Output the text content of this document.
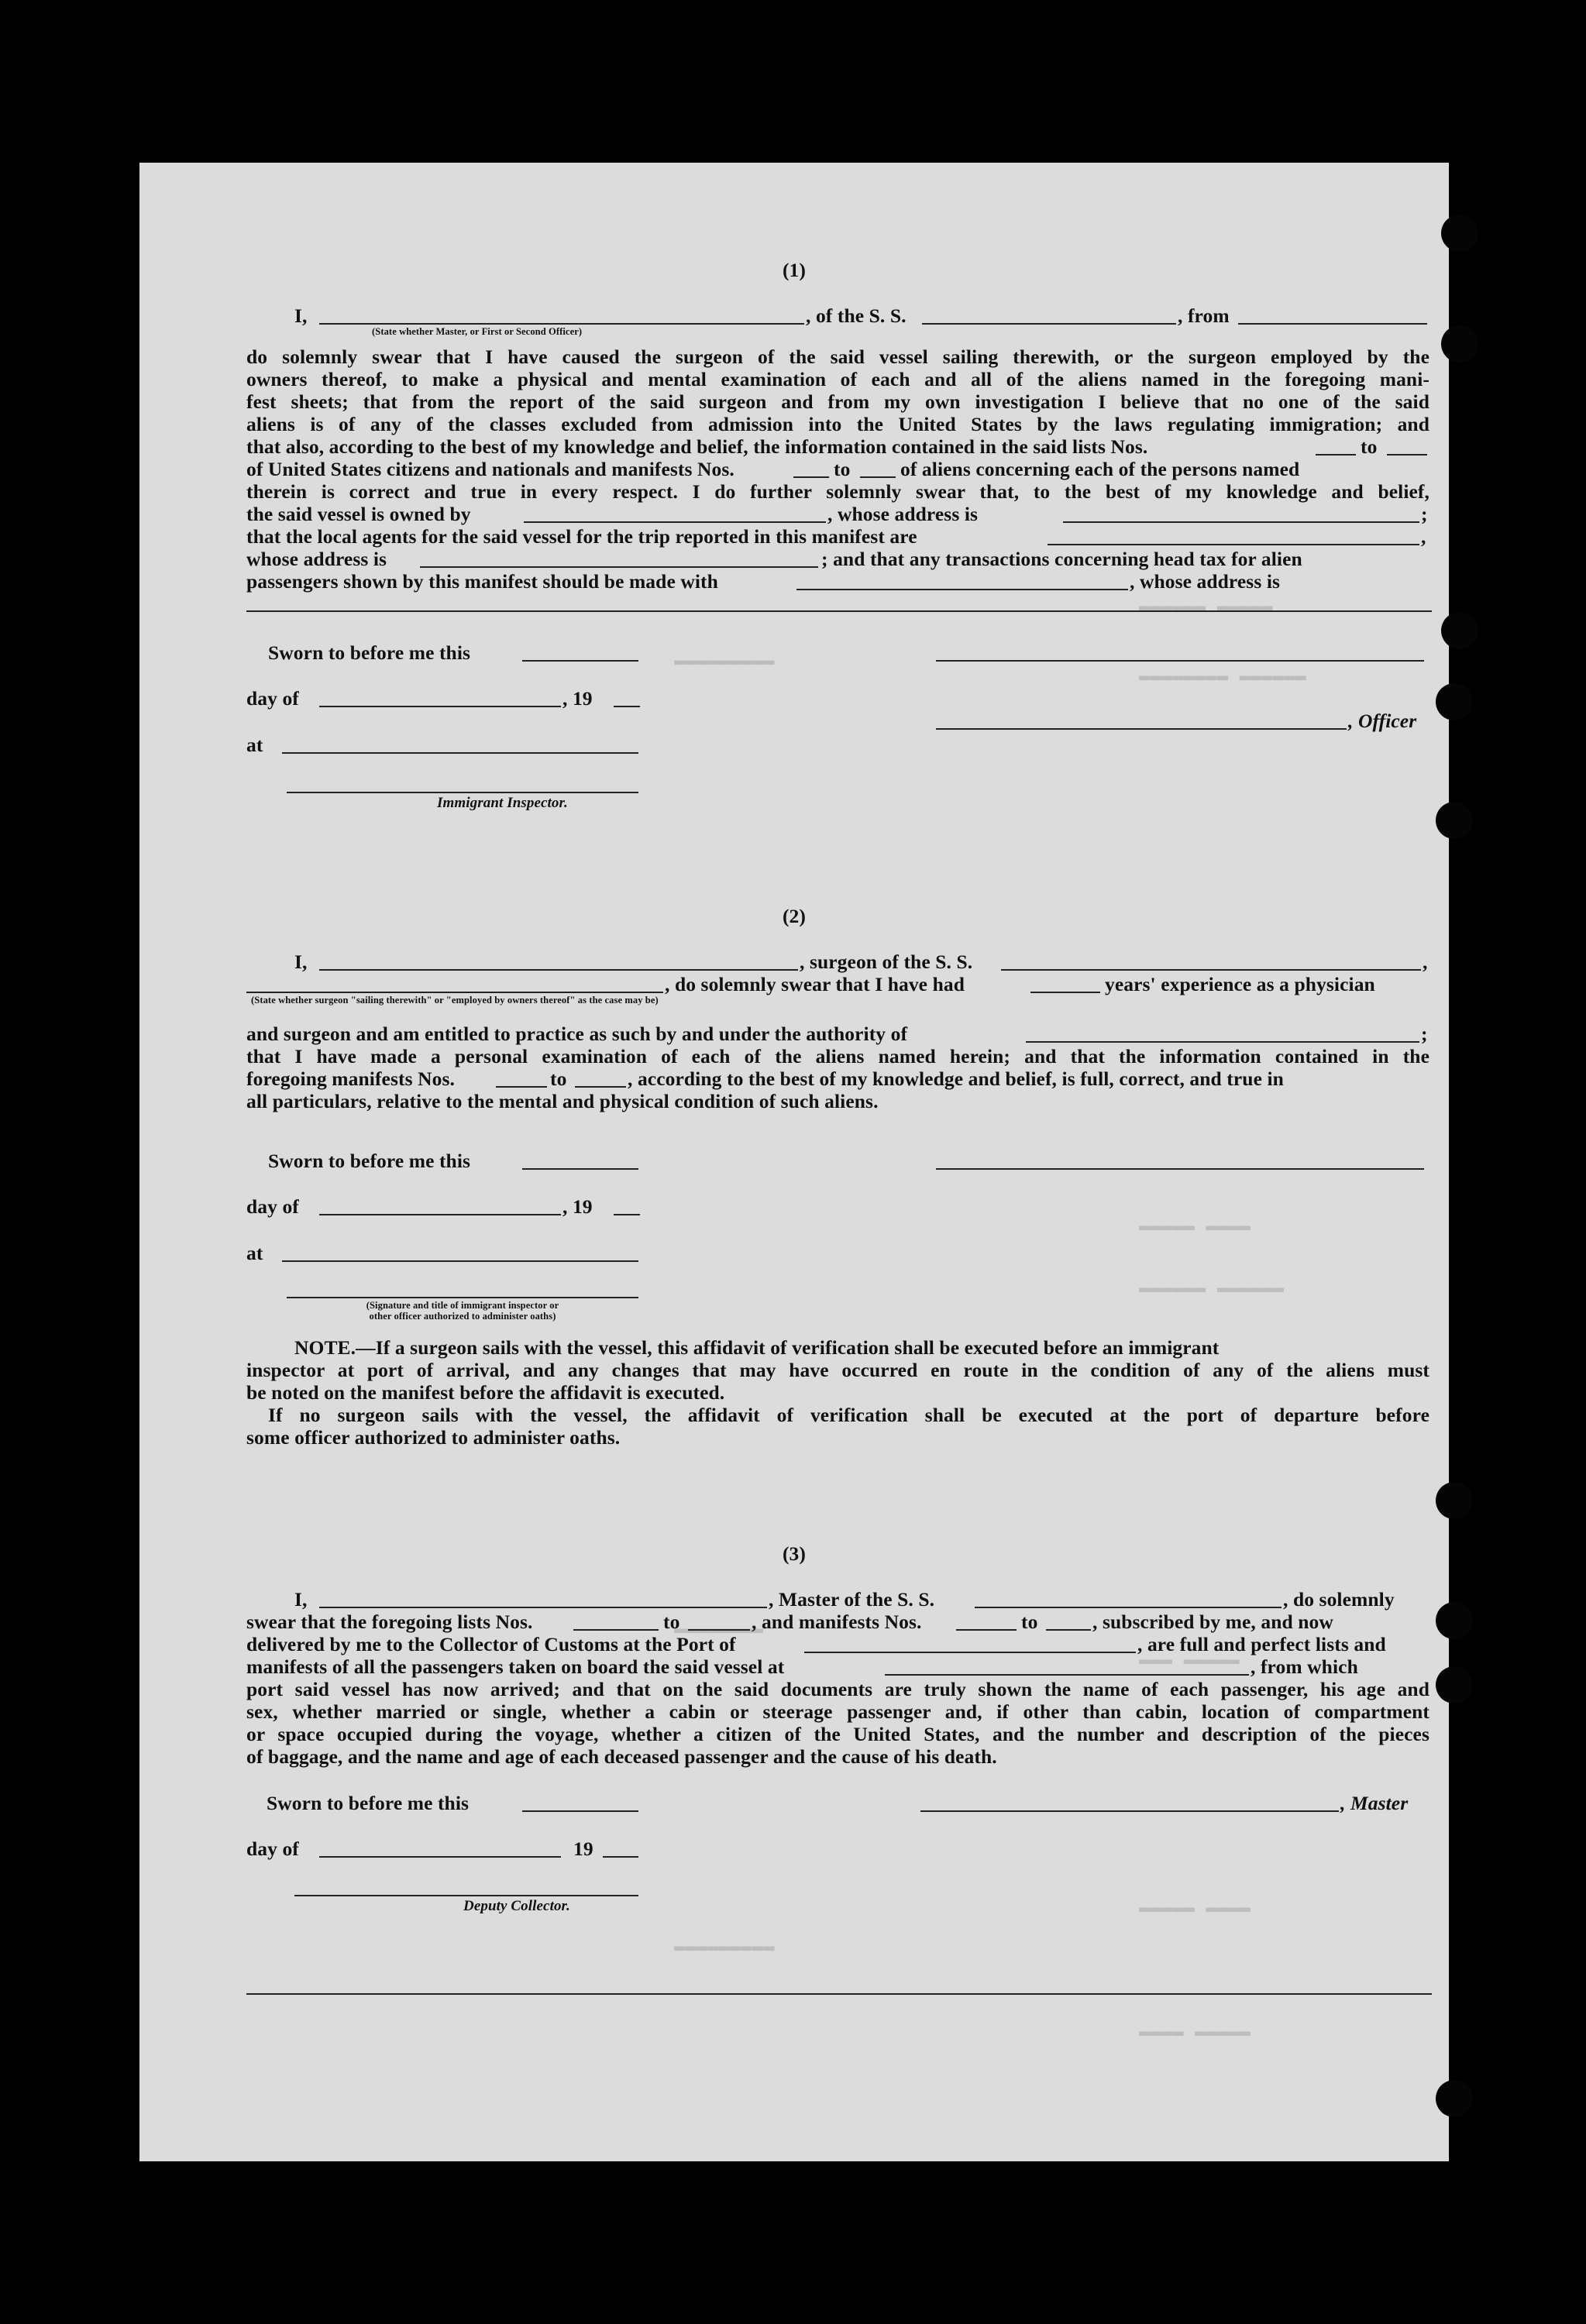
▬▬▬▬▬▬ ▬▬▬▬▬
▬▬▬▬▬▬▬▬ ▬▬▬▬▬▬
▬▬▬▬▬▬▬▬▬
▬▬▬▬▬ ▬▬▬▬
▬▬▬▬▬▬ ▬▬▬▬▬▬
▬▬▬▬▬▬▬▬
▬▬▬ ▬▬▬▬▬
▬▬▬▬▬ ▬▬▬▬
▬▬▬▬▬▬▬▬▬
▬▬▬▬ ▬▬▬▬▬
(1)
I,
(State whether Master, or First or Second Officer)
, of the S. S.	, from
do solemnly swear that I have caused the surgeon of the said vessel sailing therewith, or the surgeon employed by the
owners thereof, to make a physical and mental examination of each and all of the aliens named in the foregoing mani-
fest sheets; that from the report of the said surgeon and from my own investigation I believe that no one of the said
aliens is of any of the classes excluded from admission into the United States by the laws regulating immigration; and
that also, according to the best of my knowledge and belief, the information contained in the said lists Nos.	to
of United States citizens and nationals and manifests Nos.	to	of aliens concerning each of the persons named
therein is correct and true in every respect. I do further solemnly swear that, to the best of my knowledge and belief,
the said vessel is owned by	, whose address is	;
that the local agents for the said vessel for the trip reported in this manifest are	,
whose address is	; and that any transactions concerning head tax for alien
passengers shown by this manifest should be made with	, whose address is
Sworn to before me this
day of	, 19
at
, Officer
Immigrant Inspector.
(2)
I,	, surgeon of the S. S.	,
, do solemnly swear that I have had	years' experience as a physician
(State whether surgeon "sailing therewith" or "employed by owners thereof" as the case may be)
and surgeon and am entitled to practice as such by and under the authority of	;
that I have made a personal examination of each of the aliens named herein; and that the information contained in the
foregoing manifests Nos.	to	, according to the best of my knowledge and belief, is full, correct, and true in
all particulars, relative to the mental and physical condition of such aliens.
Sworn to before me this
day of	, 19
at
(Signature and title of immigrant inspector or
other officer authorized to administer oaths)
NOTE.—If a surgeon sails with the vessel, this affidavit of verification shall be executed before an immigrant
inspector at port of arrival, and any changes that may have occurred en route in the condition of any of the aliens must
be noted on the manifest before the affidavit is executed.
If no surgeon sails with the vessel, the affidavit of verification shall be executed at the port of departure before
some officer authorized to administer oaths.
(3)
I,	, Master of the S. S.	, do solemnly
swear that the foregoing lists Nos.	to	, and manifests Nos.	to	, subscribed by me, and now
delivered by me to the Collector of Customs at the Port of	, are full and perfect lists and
manifests of all the passengers taken on board the said vessel at	, from which
port said vessel has now arrived; and that on the said documents are truly shown the name of each passenger, his age and
sex, whether married or single, whether a cabin or steerage passenger and, if other than cabin, location of compartment
or space occupied during the voyage, whether a citizen of the United States, and the number and description of the pieces
of baggage, and the name and age of each deceased passenger and the cause of his death.
Sworn to before me this	, Master
day of	19
Deputy Collector.
